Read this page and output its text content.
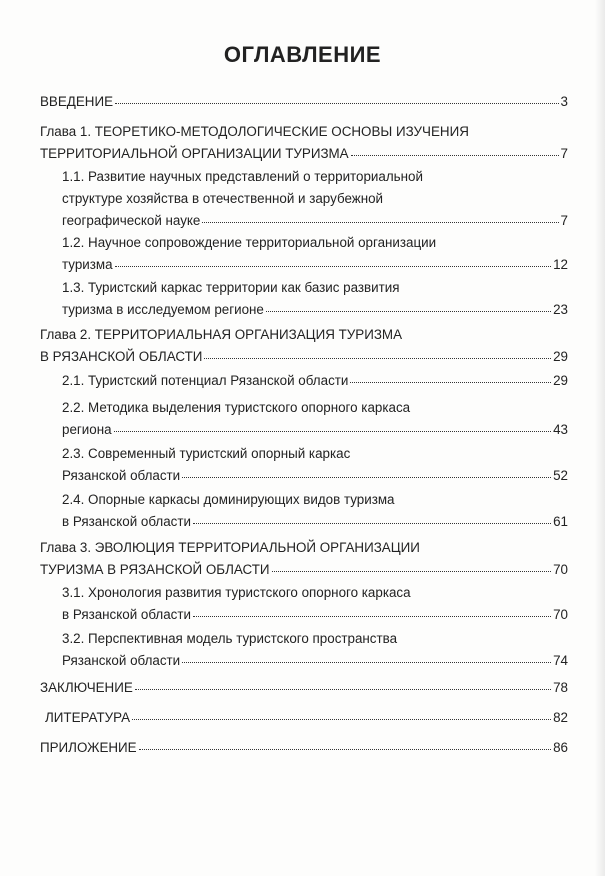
ОГЛАВЛЕНИЕ
ВВЕДЕНИЕ	3
Глава 1. ТЕОРЕТИКО-МЕТОДОЛОГИЧЕСКИЕ ОСНОВЫ ИЗУЧЕНИЯ
ТЕРРИТОРИАЛЬНОЙ ОРГАНИЗАЦИИ ТУРИЗМА	7
1.1. Развитие научных представлений о территориальной
структуре хозяйства в отечественной и зарубежной
географической науке	7
1.2. Научное сопровождение территориальной организации
туризма	12
1.3. Туристский каркас территории как базис развития
туризма в исследуемом регионе	23
Глава 2. ТЕРРИТОРИАЛЬНАЯ ОРГАНИЗАЦИЯ ТУРИЗМА
В РЯЗАНСКОЙ ОБЛАСТИ	29
2.1. Туристский потенциал Рязанской области	29
2.2. Методика выделения туристского опорного каркаса
региона	43
2.3. Современный туристский опорный каркас
Рязанской области	52
2.4. Опорные каркасы доминирующих видов туризма
в Рязанской области	61
Глава 3. ЭВОЛЮЦИЯ ТЕРРИТОРИАЛЬНОЙ ОРГАНИЗАЦИИ
ТУРИЗМА В РЯЗАНСКОЙ ОБЛАСТИ	70
3.1. Хронология развития туристского опорного каркаса
в Рязанской области	70
3.2. Перспективная модель туристского пространства
Рязанской области	74
ЗАКЛЮЧЕНИЕ	78
ЛИТЕРАТУРА	82
ПРИЛОЖЕНИЕ	86
